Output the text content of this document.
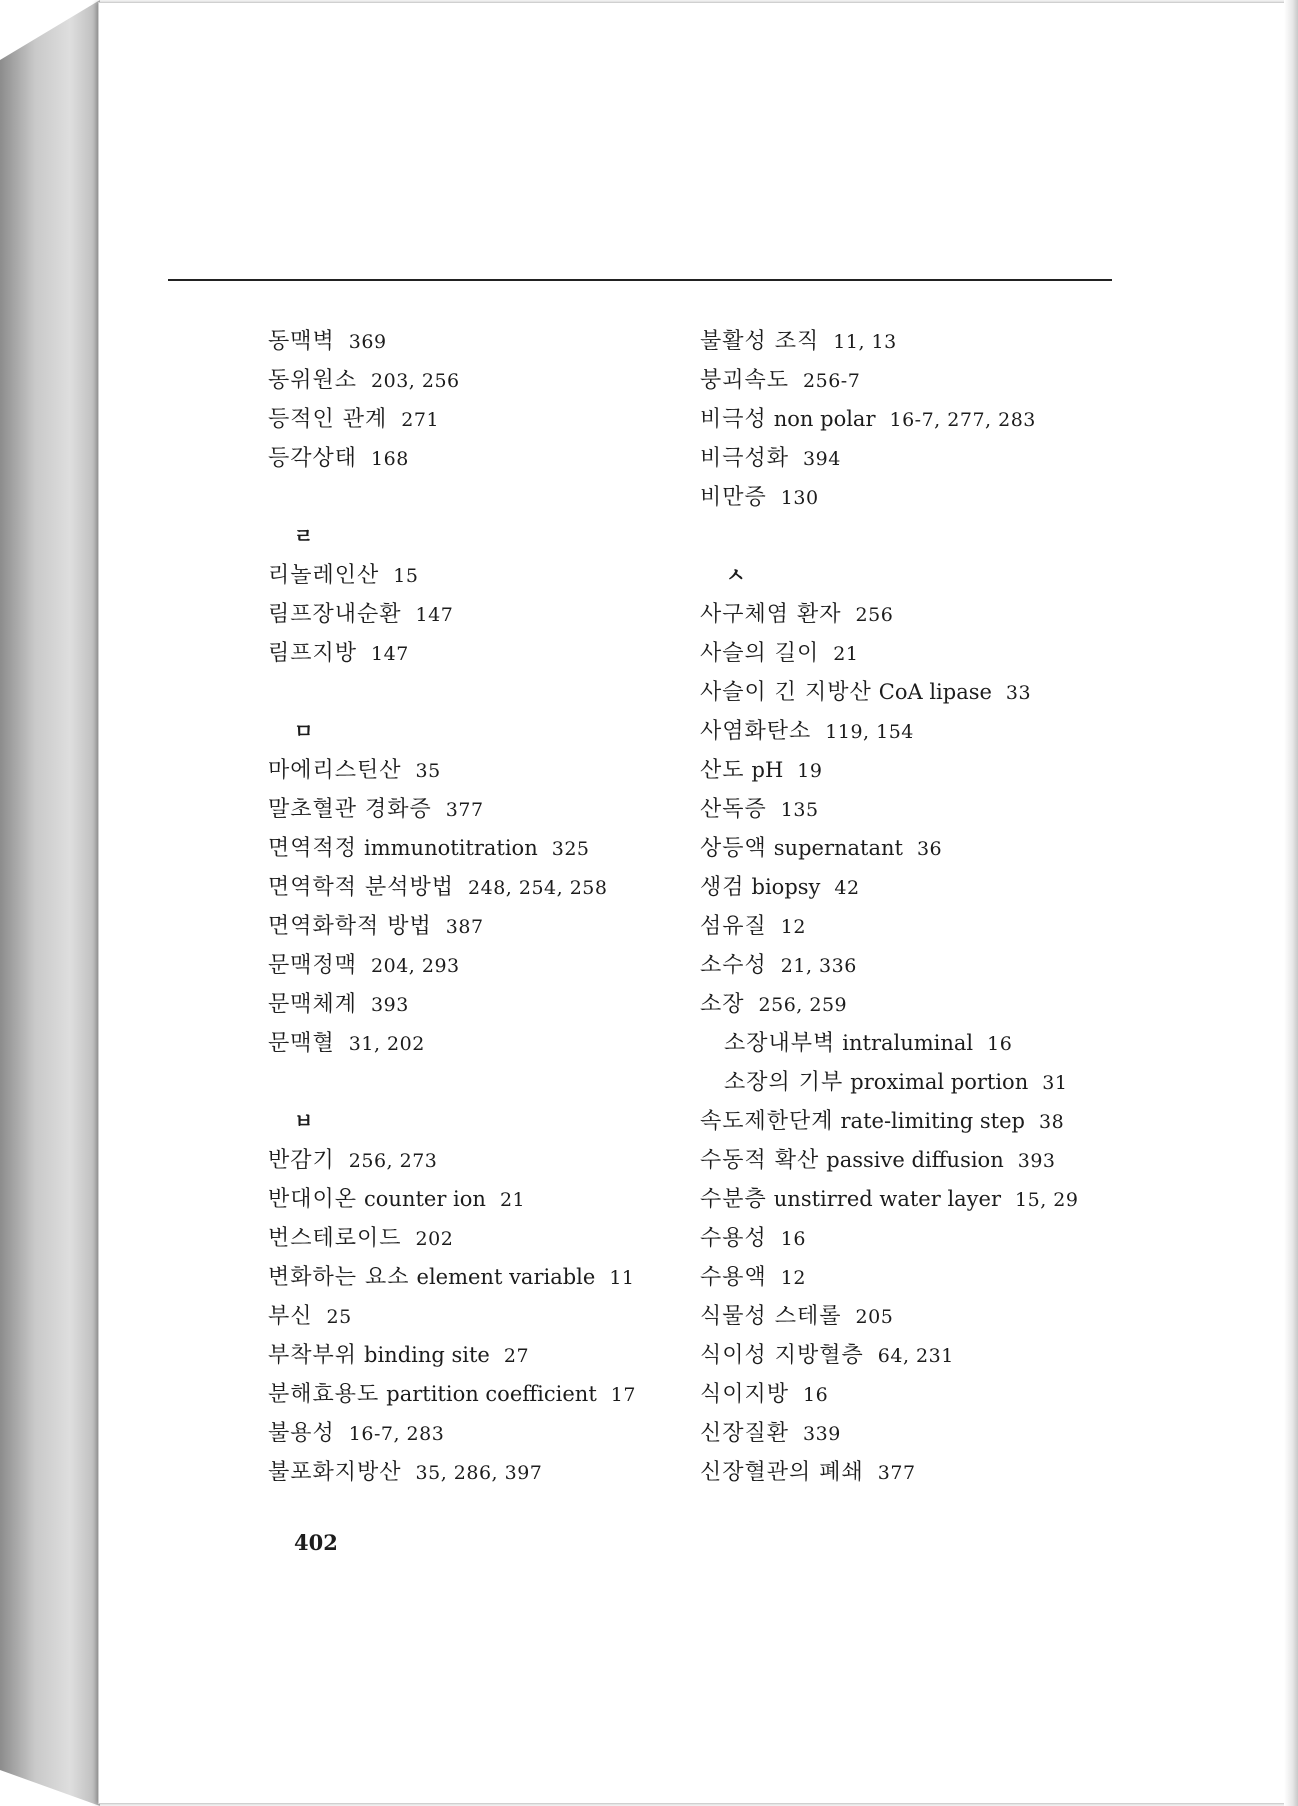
동맥벽 369
동위원소 203, 256
등적인 관계 271
등각상태 168
ㄹ
리놀레인산 15
림프장내순환 147
림프지방 147
ㅁ
마에리스틴산 35
말초혈관 경화증 377
면역적정 immunotitration 325
면역학적 분석방법 248, 254, 258
면역화학적 방법 387
문맥정맥 204, 293
문맥체계 393
문맥혈 31, 202
ㅂ
반감기 256, 273
반대이온 counter ion 21
번스테로이드 202
변화하는 요소 element variable 11
부신 25
부착부위 binding site 27
분해효용도 partition coefficient 17
불용성 16-7, 283
불포화지방산 35, 286, 397
불활성 조직 11, 13
붕괴속도 256-7
비극성 non polar 16-7, 277, 283
비극성화 394
비만증 130
ㅅ
사구체염 환자 256
사슬의 길이 21
사슬이 긴 지방산 CoA lipase 33
사염화탄소 119, 154
산도 pH 19
산독증 135
상등액 supernatant 36
생검 biopsy 42
섬유질 12
소수성 21, 336
소장 256, 259
소장내부벽 intraluminal 16
소장의 기부 proximal portion 31
속도제한단계 rate-limiting step 38
수동적 확산 passive diffusion 393
수분층 unstirred water layer 15, 29
수용성 16
수용액 12
식물성 스테롤 205
식이성 지방혈층 64, 231
식이지방 16
신장질환 339
신장혈관의 폐쇄 377
402
